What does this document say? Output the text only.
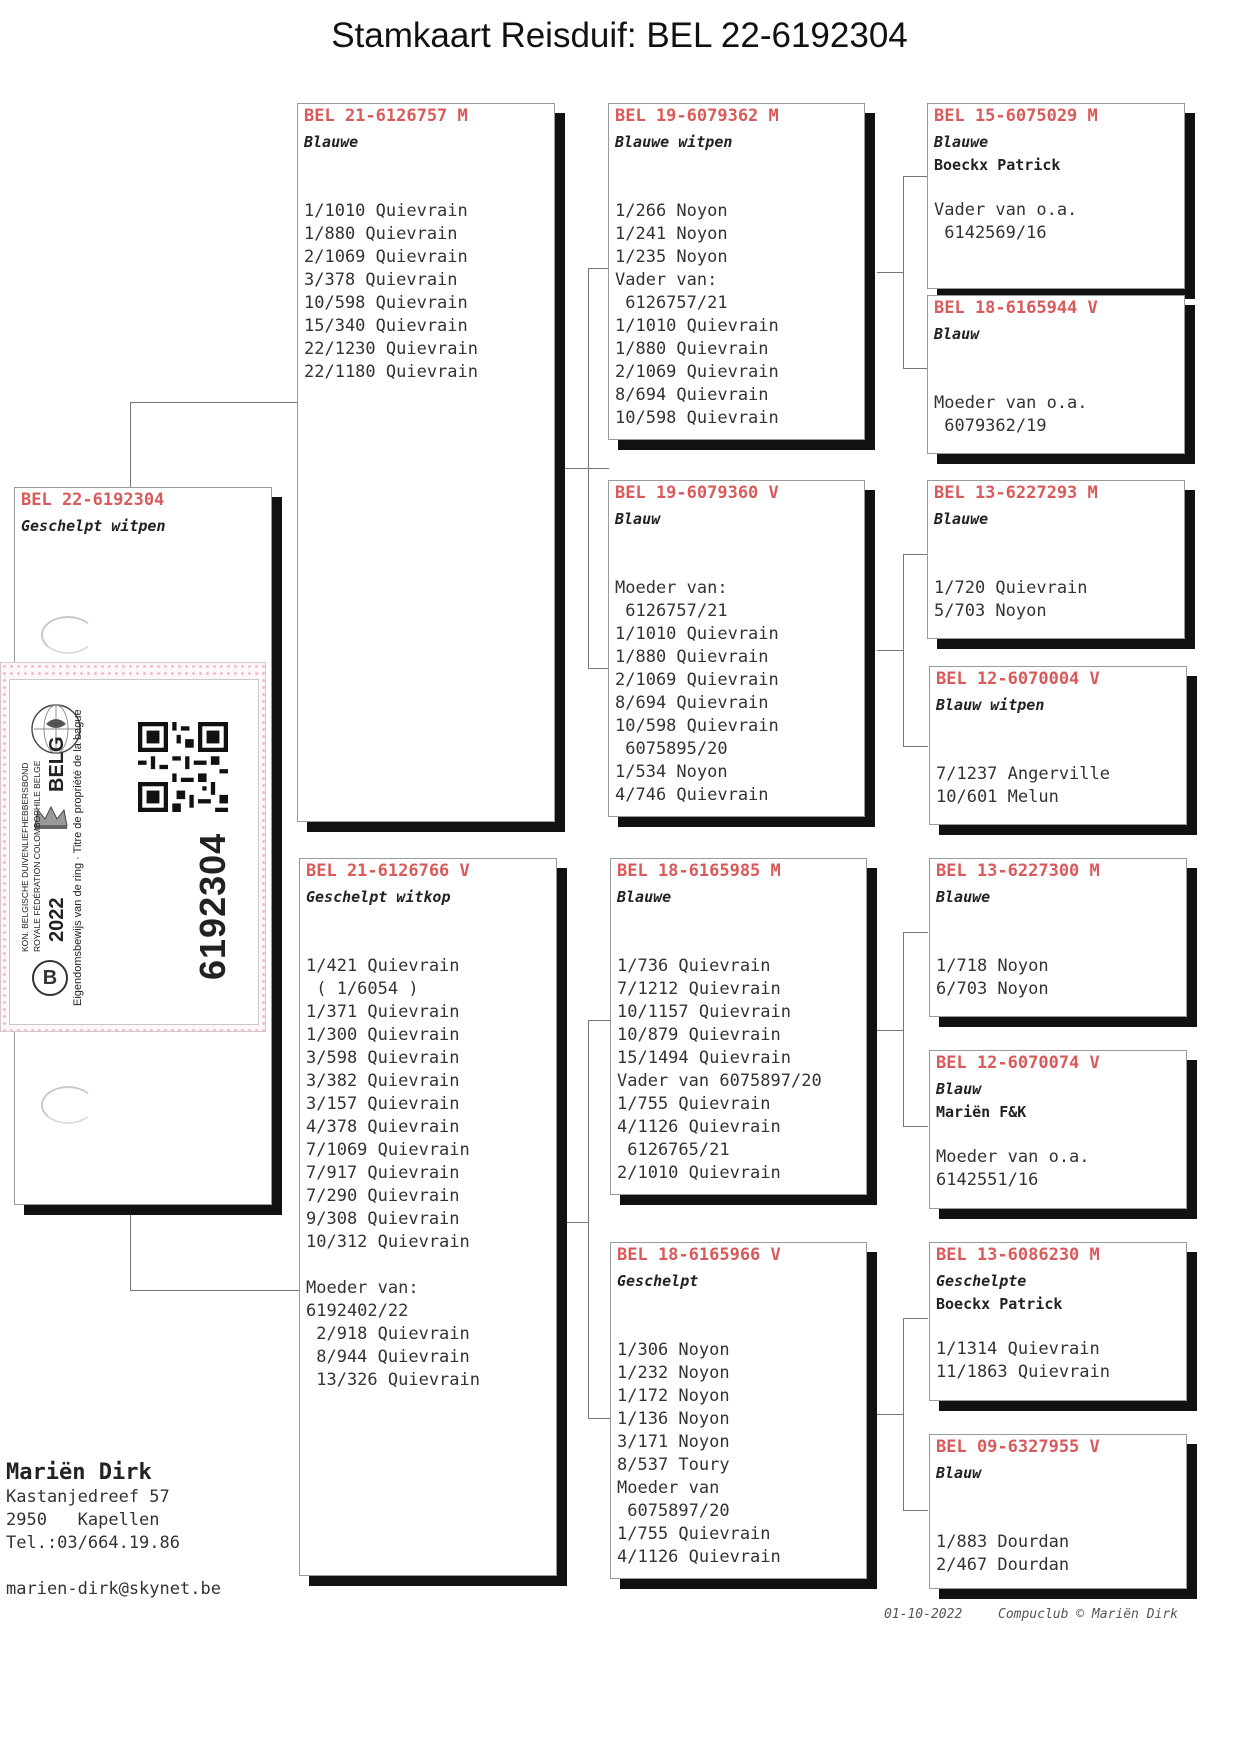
Stamkaart Reisduif: BEL 22-6192304
BEL 22-6192304
Geschelpt witpen
B
KON. BELGISCHE DUIVENLIEFHEBBERSBOND ROYALE FÉDÉRATION COLOMBOPHILE BELGE 2022
BELG Eigendomsbewijs van de ring · Titre de propriété de la bague	6192304
BEL 21-6126757 M
Blauwe
1/1010 Quievrain
1/880 Quievrain
2/1069 Quievrain
3/378 Quievrain
10/598 Quievrain
15/340 Quievrain
22/1230 Quievrain
22/1180 Quievrain
BEL 21-6126766 V
Geschelpt witkop
1/421 Quievrain
( 1/6054 )
1/371 Quievrain
1/300 Quievrain
3/598 Quievrain
3/382 Quievrain
3/157 Quievrain
4/378 Quievrain
7/1069 Quievrain
7/917 Quievrain
7/290 Quievrain
9/308 Quievrain
10/312 Quievrain
Moeder van:
6192402/22
2/918 Quievrain
8/944 Quievrain
13/326 Quievrain
BEL 19-6079362 M
Blauwe witpen
1/266 Noyon
1/241 Noyon
1/235 Noyon
Vader van:
6126757/21
1/1010 Quievrain
1/880 Quievrain
2/1069 Quievrain
8/694 Quievrain
10/598 Quievrain
BEL 19-6079360 V
Blauw
Moeder van:
6126757/21
1/1010 Quievrain
1/880 Quievrain
2/1069 Quievrain
8/694 Quievrain
10/598 Quievrain
6075895/20
1/534 Noyon
4/746 Quievrain
BEL 18-6165985 M
Blauwe
1/736 Quievrain
7/1212 Quievrain
10/1157 Quievrain
10/879 Quievrain
15/1494 Quievrain
Vader van 6075897/20
1/755 Quievrain
4/1126 Quievrain
6126765/21
2/1010 Quievrain
BEL 18-6165966 V
Geschelpt
1/306 Noyon
1/232 Noyon
1/172 Noyon
1/136 Noyon
3/171 Noyon
8/537 Toury
Moeder van
6075897/20
1/755 Quievrain
4/1126 Quievrain
BEL 15-6075029 M
Blauwe
Boeckx Patrick
Vader van o.a.
6142569/16
BEL 18-6165944 V
Blauw
Moeder van o.a.
6079362/19
BEL 13-6227293 M
Blauwe
1/720 Quievrain
5/703 Noyon
BEL 12-6070004 V
Blauw witpen
7/1237 Angerville
10/601 Melun
BEL 13-6227300 M
Blauwe
1/718 Noyon
6/703 Noyon
BEL 12-6070074 V
Blauw
Mariën F&K
Moeder van o.a.
6142551/16
BEL 13-6086230 M
Geschelpte
Boeckx Patrick
1/1314 Quievrain
11/1863 Quievrain
BEL 09-6327955 V
Blauw
1/883 Dourdan
2/467 Dourdan
Mariën Dirk
Kastanjedreef 57
2950   Kapellen
Tel.:03/664.19.86
marien-dirk@skynet.be
01-10-2022	Compuclub © Mariën Dirk
